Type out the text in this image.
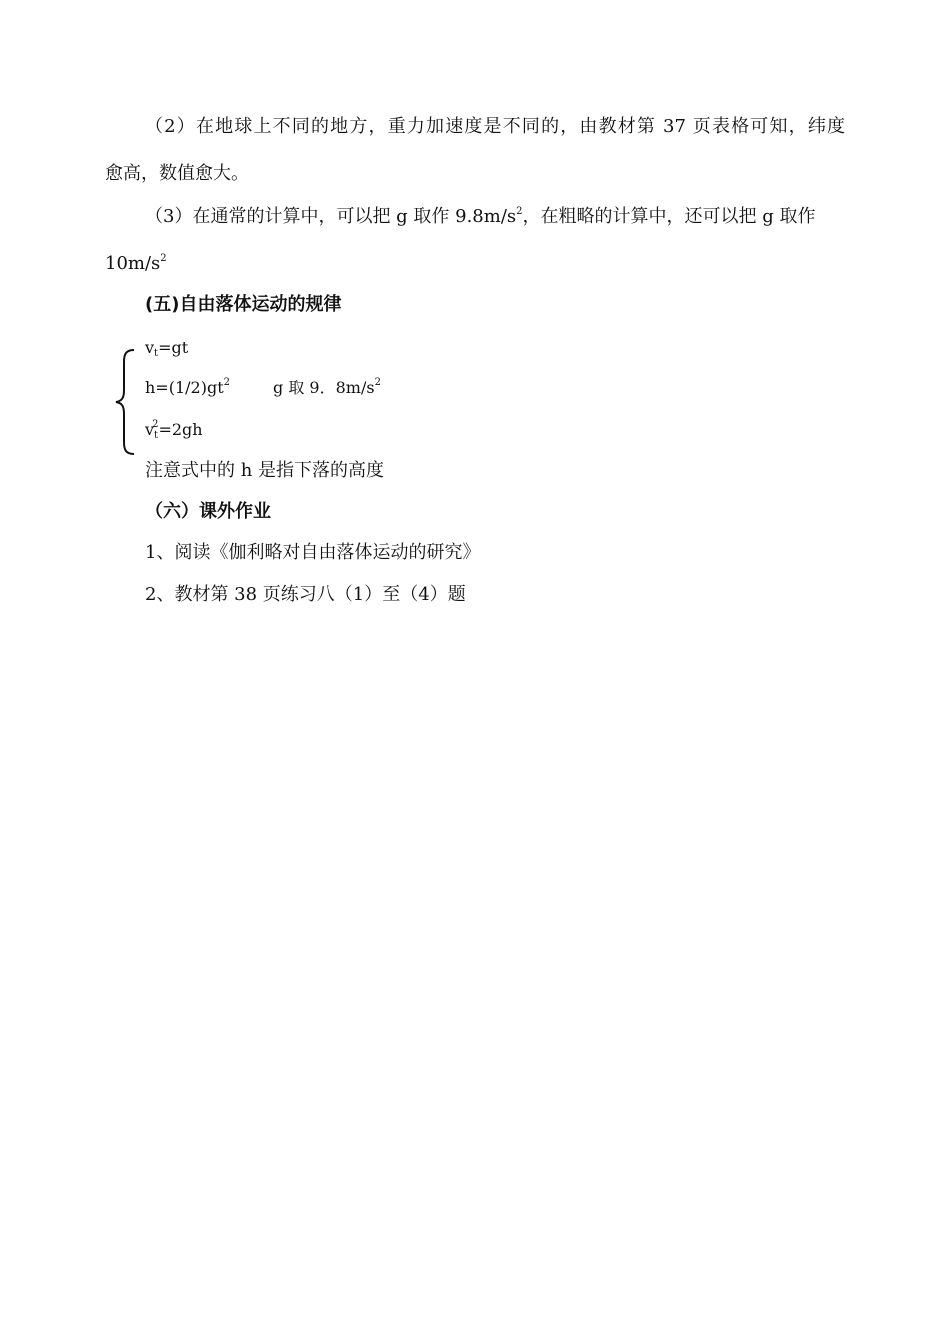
（2）在地球上不同的地方，重力加速度是不同的，由教材第 37 页表格可知，纬度
愈高，数值愈大。
（3）在通常的计算中，可以把 g 取作 $9.8m/s^2$，在粗略的计算中，还可以把 g 取作
$10m/s^2$
(五)自由落体运动的规律
$v_t=gt$
$h=(1/2)gt^2$	g 取 9．$8m/s^2$
$v_t^2=2gh$
注意式中的 h 是指下落的高度
（六）课外作业
1、阅读《伽利略对自由落体运动的研究》
2、教材第 38 页练习八（1）至（4）题
